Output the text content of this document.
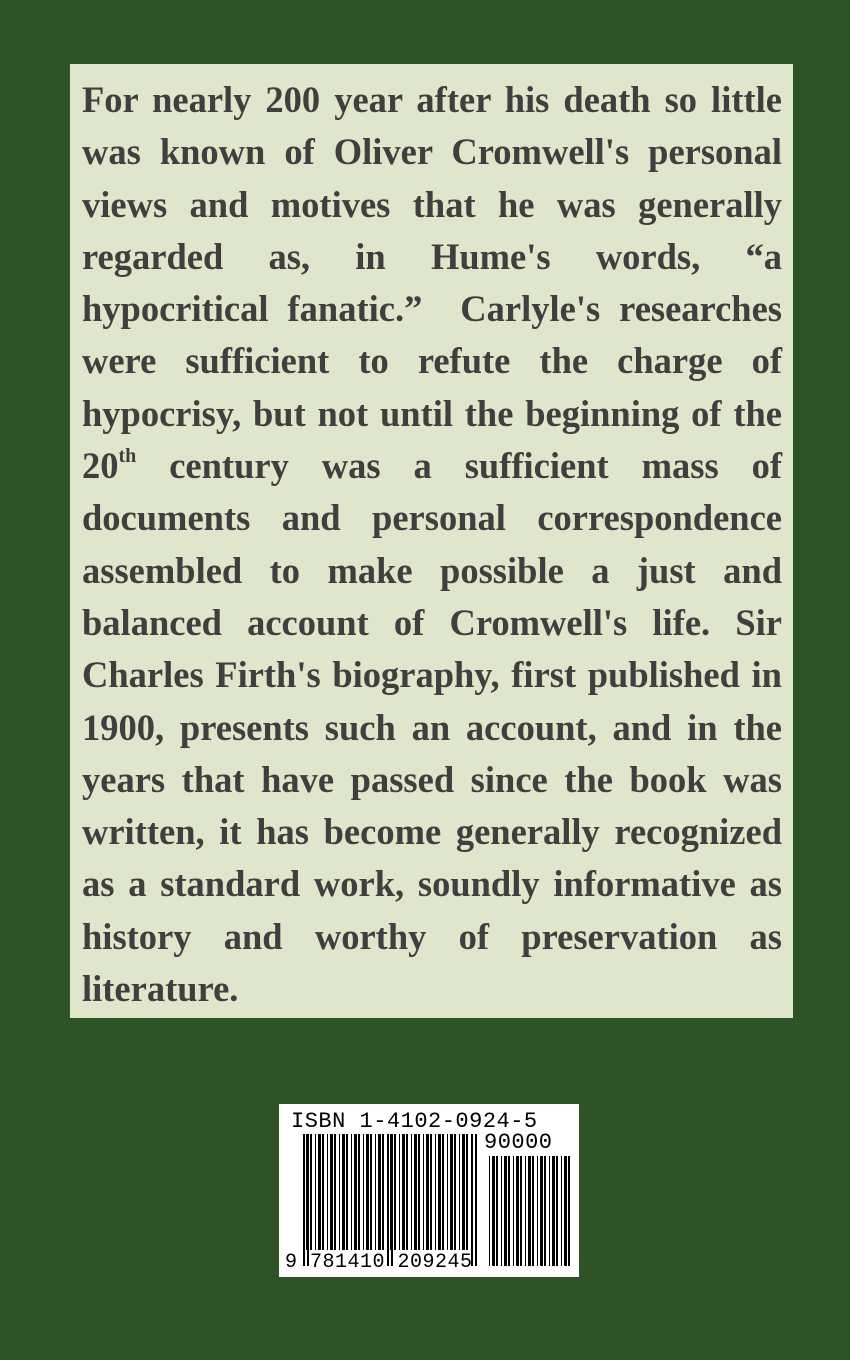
For nearly 200 year after his death so little was known of Oliver Cromwell's personal views and motives that he was generally regarded as, in Hume's words, “a hypocritical fanatic.”  Carlyle's researches were sufficient to refute the charge of hypocrisy, but not until the beginning of the 20th century was a sufficient mass of documents and personal correspondence assembled to make possible a just and balanced account of Cromwell's life. Sir Charles Firth's biography, first published in 1900, presents such an account, and in the years that have passed since the book was written, it has become generally recognized as a standard work, soundly informative as history and worthy of preservation as literature.

ISBN 1-4102-0924-5

90000

9 781410 209245
